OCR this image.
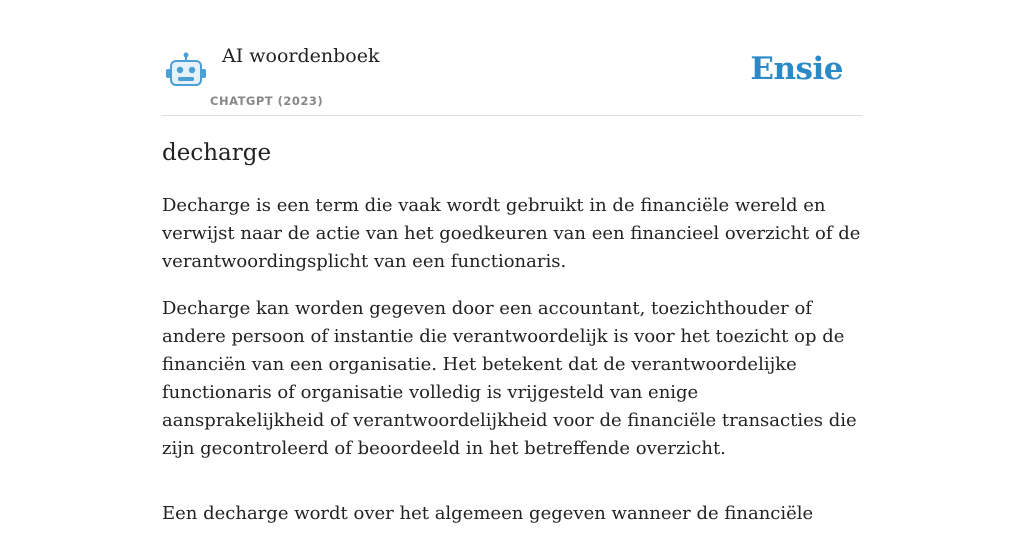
AI woordenboek
CHATGPT (2023)
Ensie
decharge

Decharge is een term die vaak wordt gebruikt in de financiële wereld en verwijst naar de actie van het goedkeuren van een financieel overzicht of de verantwoordingsplicht van een functionaris.

Decharge kan worden gegeven door een accountant, toezichthouder of andere persoon of instantie die verantwoordelijk is voor het toezicht op de financiën van een organisatie. Het betekent dat de verantwoordelijke functionaris of organisatie volledig is vrijgesteld van enige aansprakelijkheid of verantwoordelijkheid voor de financiële transacties die zijn gecontroleerd of beoordeeld in het betreffende overzicht.

Een decharge wordt over het algemeen gegeven wanneer de financiële
